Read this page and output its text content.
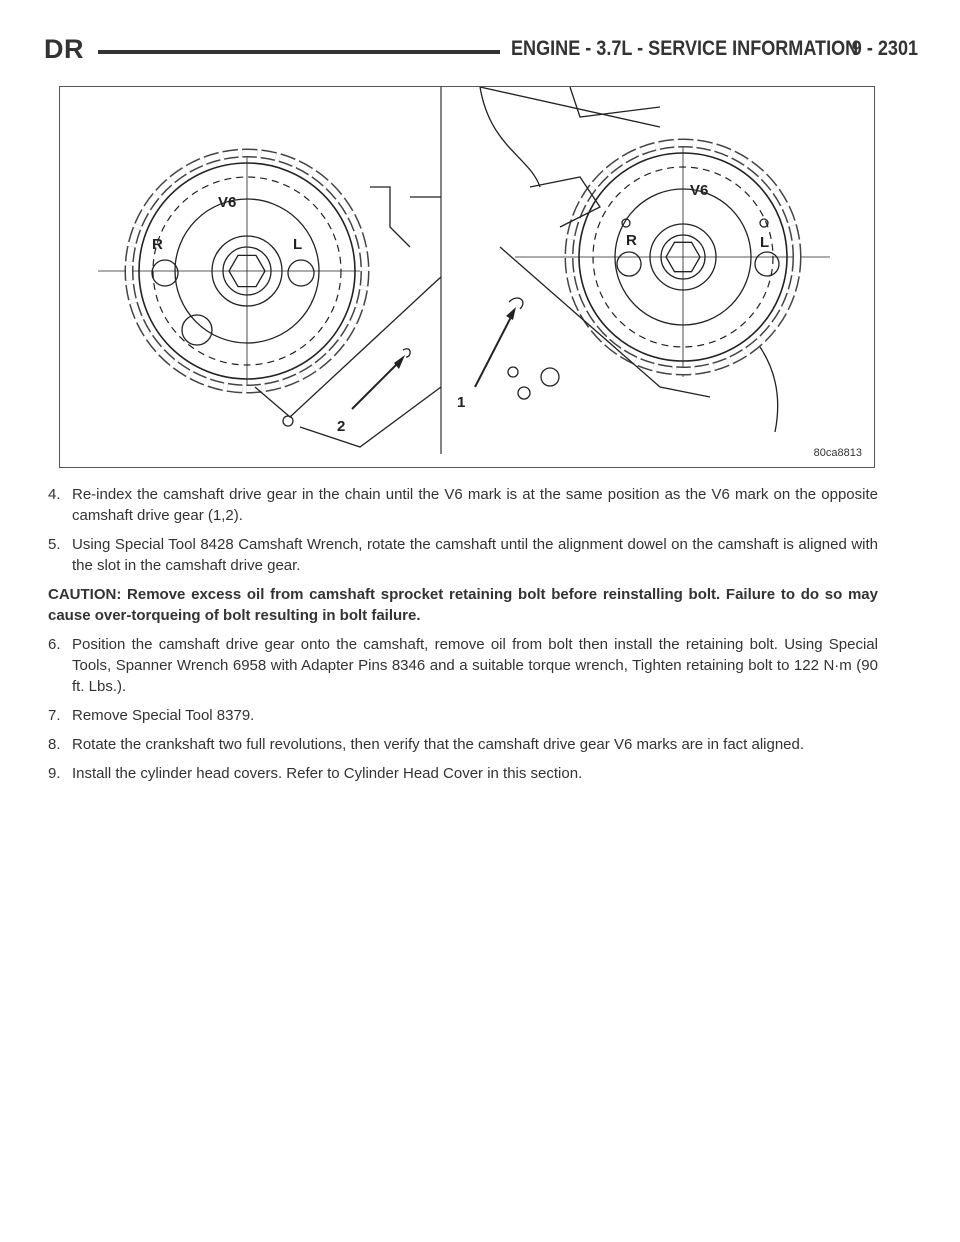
DR	ENGINE - 3.7L - SERVICE INFORMATION
9 - 2301
V6
R	L
2
V6
R	L
1
80ca8813
4. Re-index the camshaft drive gear in the chain until the V6 mark is at the same position as the V6 mark on the opposite camshaft drive gear (1,2).
5. Using Special Tool 8428 Camshaft Wrench, rotate the camshaft until the alignment dowel on the camshaft is aligned with the slot in the camshaft drive gear.
CAUTION: Remove excess oil from camshaft sprocket retaining bolt before reinstalling bolt. Failure to do so may cause over-torqueing of bolt resulting in bolt failure.
6. Position the camshaft drive gear onto the camshaft, remove oil from bolt then install the retaining bolt. Using Special Tools, Spanner Wrench 6958 with Adapter Pins 8346 and a suitable torque wrench, Tighten retaining bolt to 122 N·m (90 ft. Lbs.).
7. Remove Special Tool 8379.
8. Rotate the crankshaft two full revolutions, then verify that the camshaft drive gear V6 marks are in fact aligned.
9. Install the cylinder head covers. Refer to Cylinder Head Cover in this section.
